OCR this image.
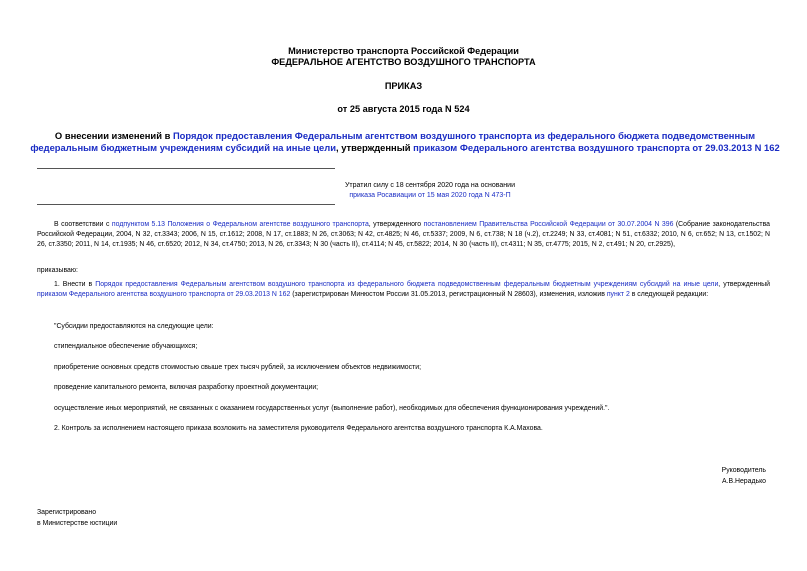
Министерство транспорта Российской Федерации
ФЕДЕРАЛЬНОЕ АГЕНТСТВО ВОЗДУШНОГО ТРАНСПОРТА
ПРИКАЗ
от 25 августа 2015 года N 524
О внесении изменений в Порядок предоставления Федеральным агентством воздушного транспорта из федерального бюджета подведомственным федеральным бюджетным учреждениям субсидий на иные цели, утвержденный приказом Федерального агентства воздушного транспорта от 29.03.2013 N 162
Утратил силу с 18 сентября 2020 года на основании
приказа Росавиации от 15 мая 2020 года N 473-П

В соответствии с подпунктом 5.13 Положения о Федеральном агентстве воздушного транспорта, утвержденного постановлением Правительства Российской Федерации от 30.07.2004 N 396 (Собрание законодательства Российской Федерации, 2004, N 32, ст.3343; 2006, N 15, ст.1612; 2008, N 17, ст.1883; N 26, ст.3063; N 42, ст.4825; N 46, ст.5337; 2009, N 6, ст.738; N 18 (ч.2), ст.2249; N 33, ст.4081; N 51, ст.6332; 2010, N 6, ст.652; N 13, ст.1502; N 26, ст.3350; 2011, N 14, ст.1935; N 46, ст.6520; 2012, N 34, ст.4750; 2013, N 26, ст.3343; N 30 (часть II), ст.4114; N 45, ст.5822; 2014, N 30 (часть II), ст.4311; N 35, ст.4775; 2015, N 2, ст.491; N 20, ст.2925),

приказываю:

1. Внести в Порядок предоставления Федеральным агентством воздушного транспорта из федерального бюджета подведомственным федеральным бюджетным учреждениям субсидий на иные цели, утвержденный приказом Федерального агентства воздушного транспорта от 29.03.2013 N 162 (зарегистрирован Минюстом России 31.05.2013, регистрационный N 28603), изменения, изложив пункт 2 в следующей редакции:

"Субсидии предоставляются на следующие цели:
стипендиальное обеспечение обучающихся;
приобретение основных средств стоимостью свыше трех тысяч рублей, за исключением объектов недвижимости;
проведение капитального ремонта, включая разработку проектной документации;
осуществление иных мероприятий, не связанных с оказанием государственных услуг (выполнение работ), необходимых для обеспечения функционирования учреждений.".
2. Контроль за исполнением настоящего приказа возложить на заместителя руководителя Федерального агентства воздушного транспорта К.А.Махова.
Руководитель
А.В.Нерадько
Зарегистрировано
в Министерстве юстиции
